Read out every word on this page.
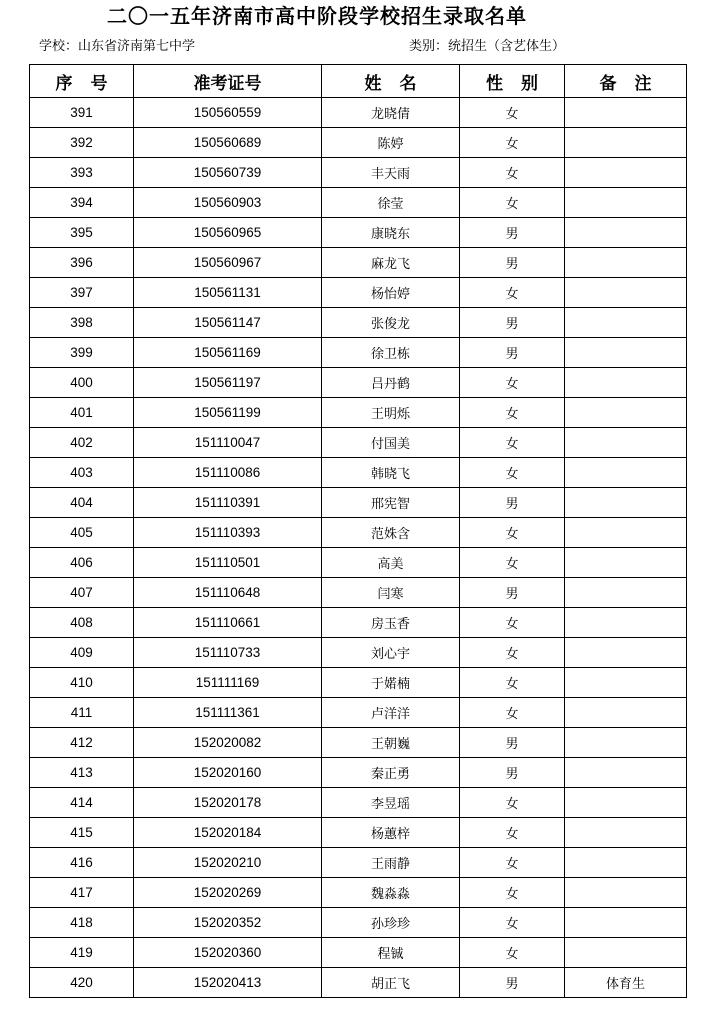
二〇一五年济南市高中阶段学校招生录取名单
学校：山东省济南第七中学	类别：统招生（含艺体生）
序号	准考证号	姓名	性别	备注
391	150560559	龙晓倩	女	
392	150560689	陈婷	女	
393	150560739	丰天雨	女	
394	150560903	徐莹	女	
395	150560965	康晓东	男	
396	150560967	麻龙飞	男	
397	150561131	杨怡婷	女	
398	150561147	张俊龙	男	
399	150561169	徐卫栋	男	
400	150561197	吕丹鹤	女	
401	150561199	王明烁	女	
402	151110047	付国美	女	
403	151110086	韩晓飞	女	
404	151110391	邢宪智	男	
405	151110393	范姝含	女	
406	151110501	高美	女	
407	151110648	闫寒	男	
408	151110661	房玉香	女	
409	151110733	刘心宇	女	
410	151111169	于婼楠	女	
411	151111361	卢洋洋	女	
412	152020082	王朝巍	男	
413	152020160	秦正勇	男	
414	152020178	李昱瑶	女	
415	152020184	杨蕙梓	女	
416	152020210	王雨静	女	
417	152020269	魏淼淼	女	
418	152020352	孙珍珍	女	
419	152020360	程铖	女	
420	152020413	胡正飞	男	体育生
